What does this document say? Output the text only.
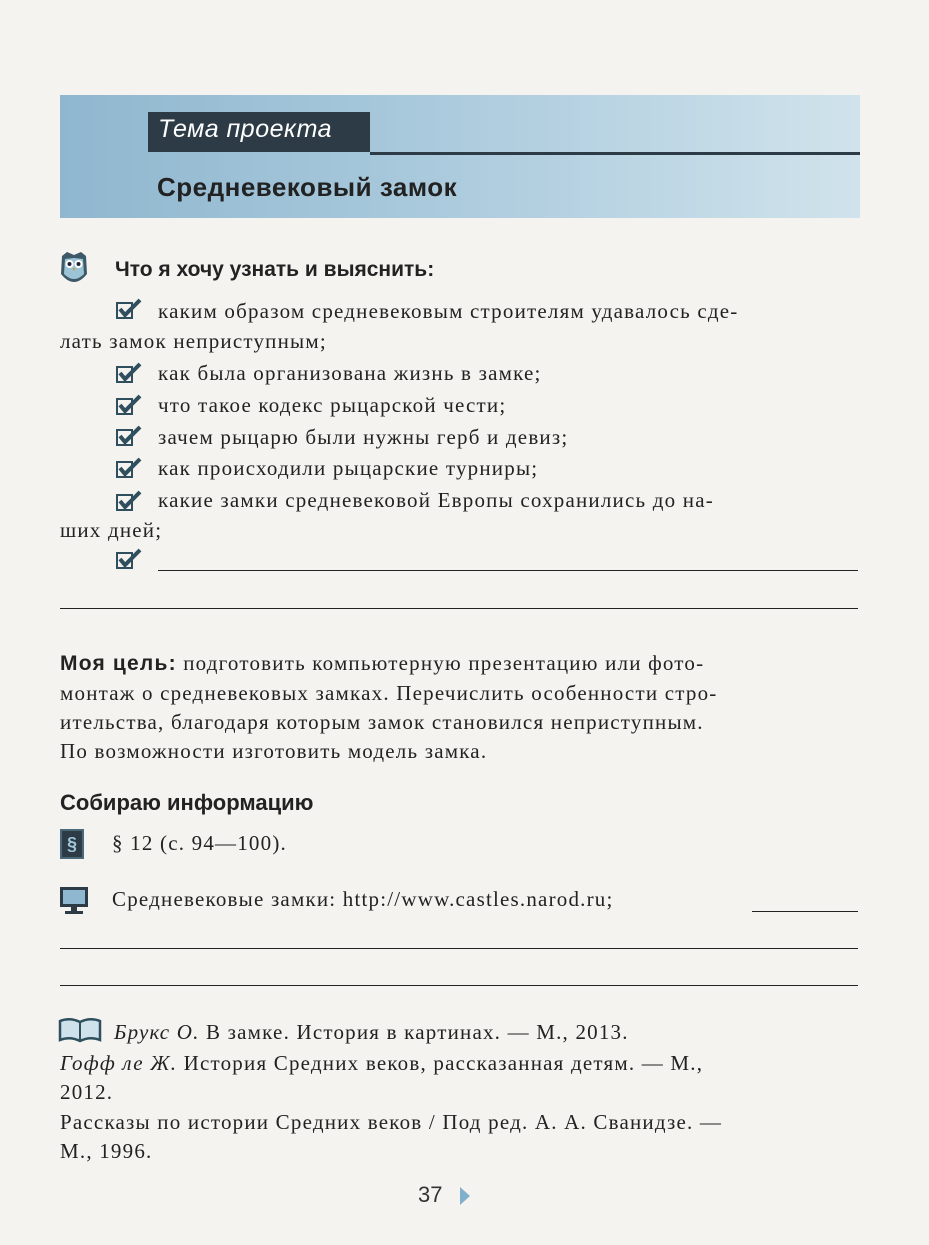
Тема проекта
Средневековый замок
Что я хочу узнать и выяснить:
каким образом средневековым строителям удавалось сде-
лать замок неприступным;
как была организована жизнь в замке;
что такое кодекс рыцарской чести;
зачем рыцарю были нужны герб и девиз;
как происходили рыцарские турниры;
какие замки средневековой Европы сохранились до на-
ших дней;
Моя цель: подготовить компьютерную презентацию или фото-
монтаж о средневековых замках. Перечислить особенности стро-
ительства, благодаря которым замок становился неприступным.
По возможности изготовить модель замка.
Собираю информацию
§	§ 12 (с. 94—100).
Средневековые замки: http://www.castles.narod.ru;
Брукс О. В замке. История в картинах. — М., 2013.
Гофф ле Ж. История Средних веков, рассказанная детям. — М.,
2012.
Рассказы по истории Средних веков / Под ред. А. А. Сванидзе. —
М., 1996.
37
